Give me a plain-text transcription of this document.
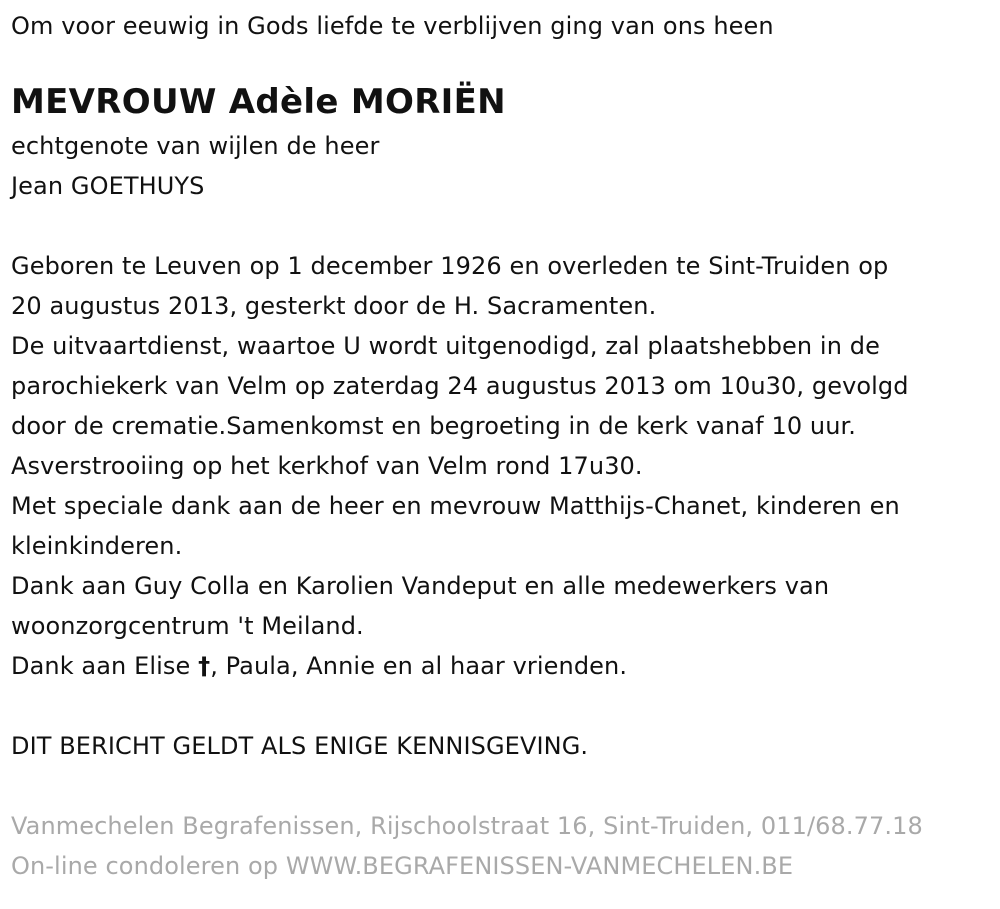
Om voor eeuwig in Gods liefde te verblijven ging van ons heen
MEVROUW Adèle MORIËN
echtgenote van wijlen de heer
Jean GOETHUYS
Geboren te Leuven op 1 december 1926 en overleden te Sint-Truiden op
20 augustus 2013, gesterkt door de H. Sacramenten.
De uitvaartdienst, waartoe U wordt uitgenodigd, zal plaatshebben in de
parochiekerk van Velm op zaterdag 24 augustus 2013 om 10u30, gevolgd
door de crematie.Samenkomst en begroeting in de kerk vanaf 10 uur.
Asverstrooiing op het kerkhof van Velm rond 17u30.
Met speciale dank aan de heer en mevrouw Matthijs-Chanet, kinderen en
kleinkinderen.
Dank aan Guy Colla en Karolien Vandeput en alle medewerkers van
woonzorgcentrum 't Meiland.
Dank aan Elise †, Paula, Annie en al haar vrienden.
DIT BERICHT GELDT ALS ENIGE KENNISGEVING.
Vanmechelen Begrafenissen, Rijschoolstraat 16, Sint-Truiden, 011/68.77.18
On-line condoleren op WWW.BEGRAFENISSEN-VANMECHELEN.BE
